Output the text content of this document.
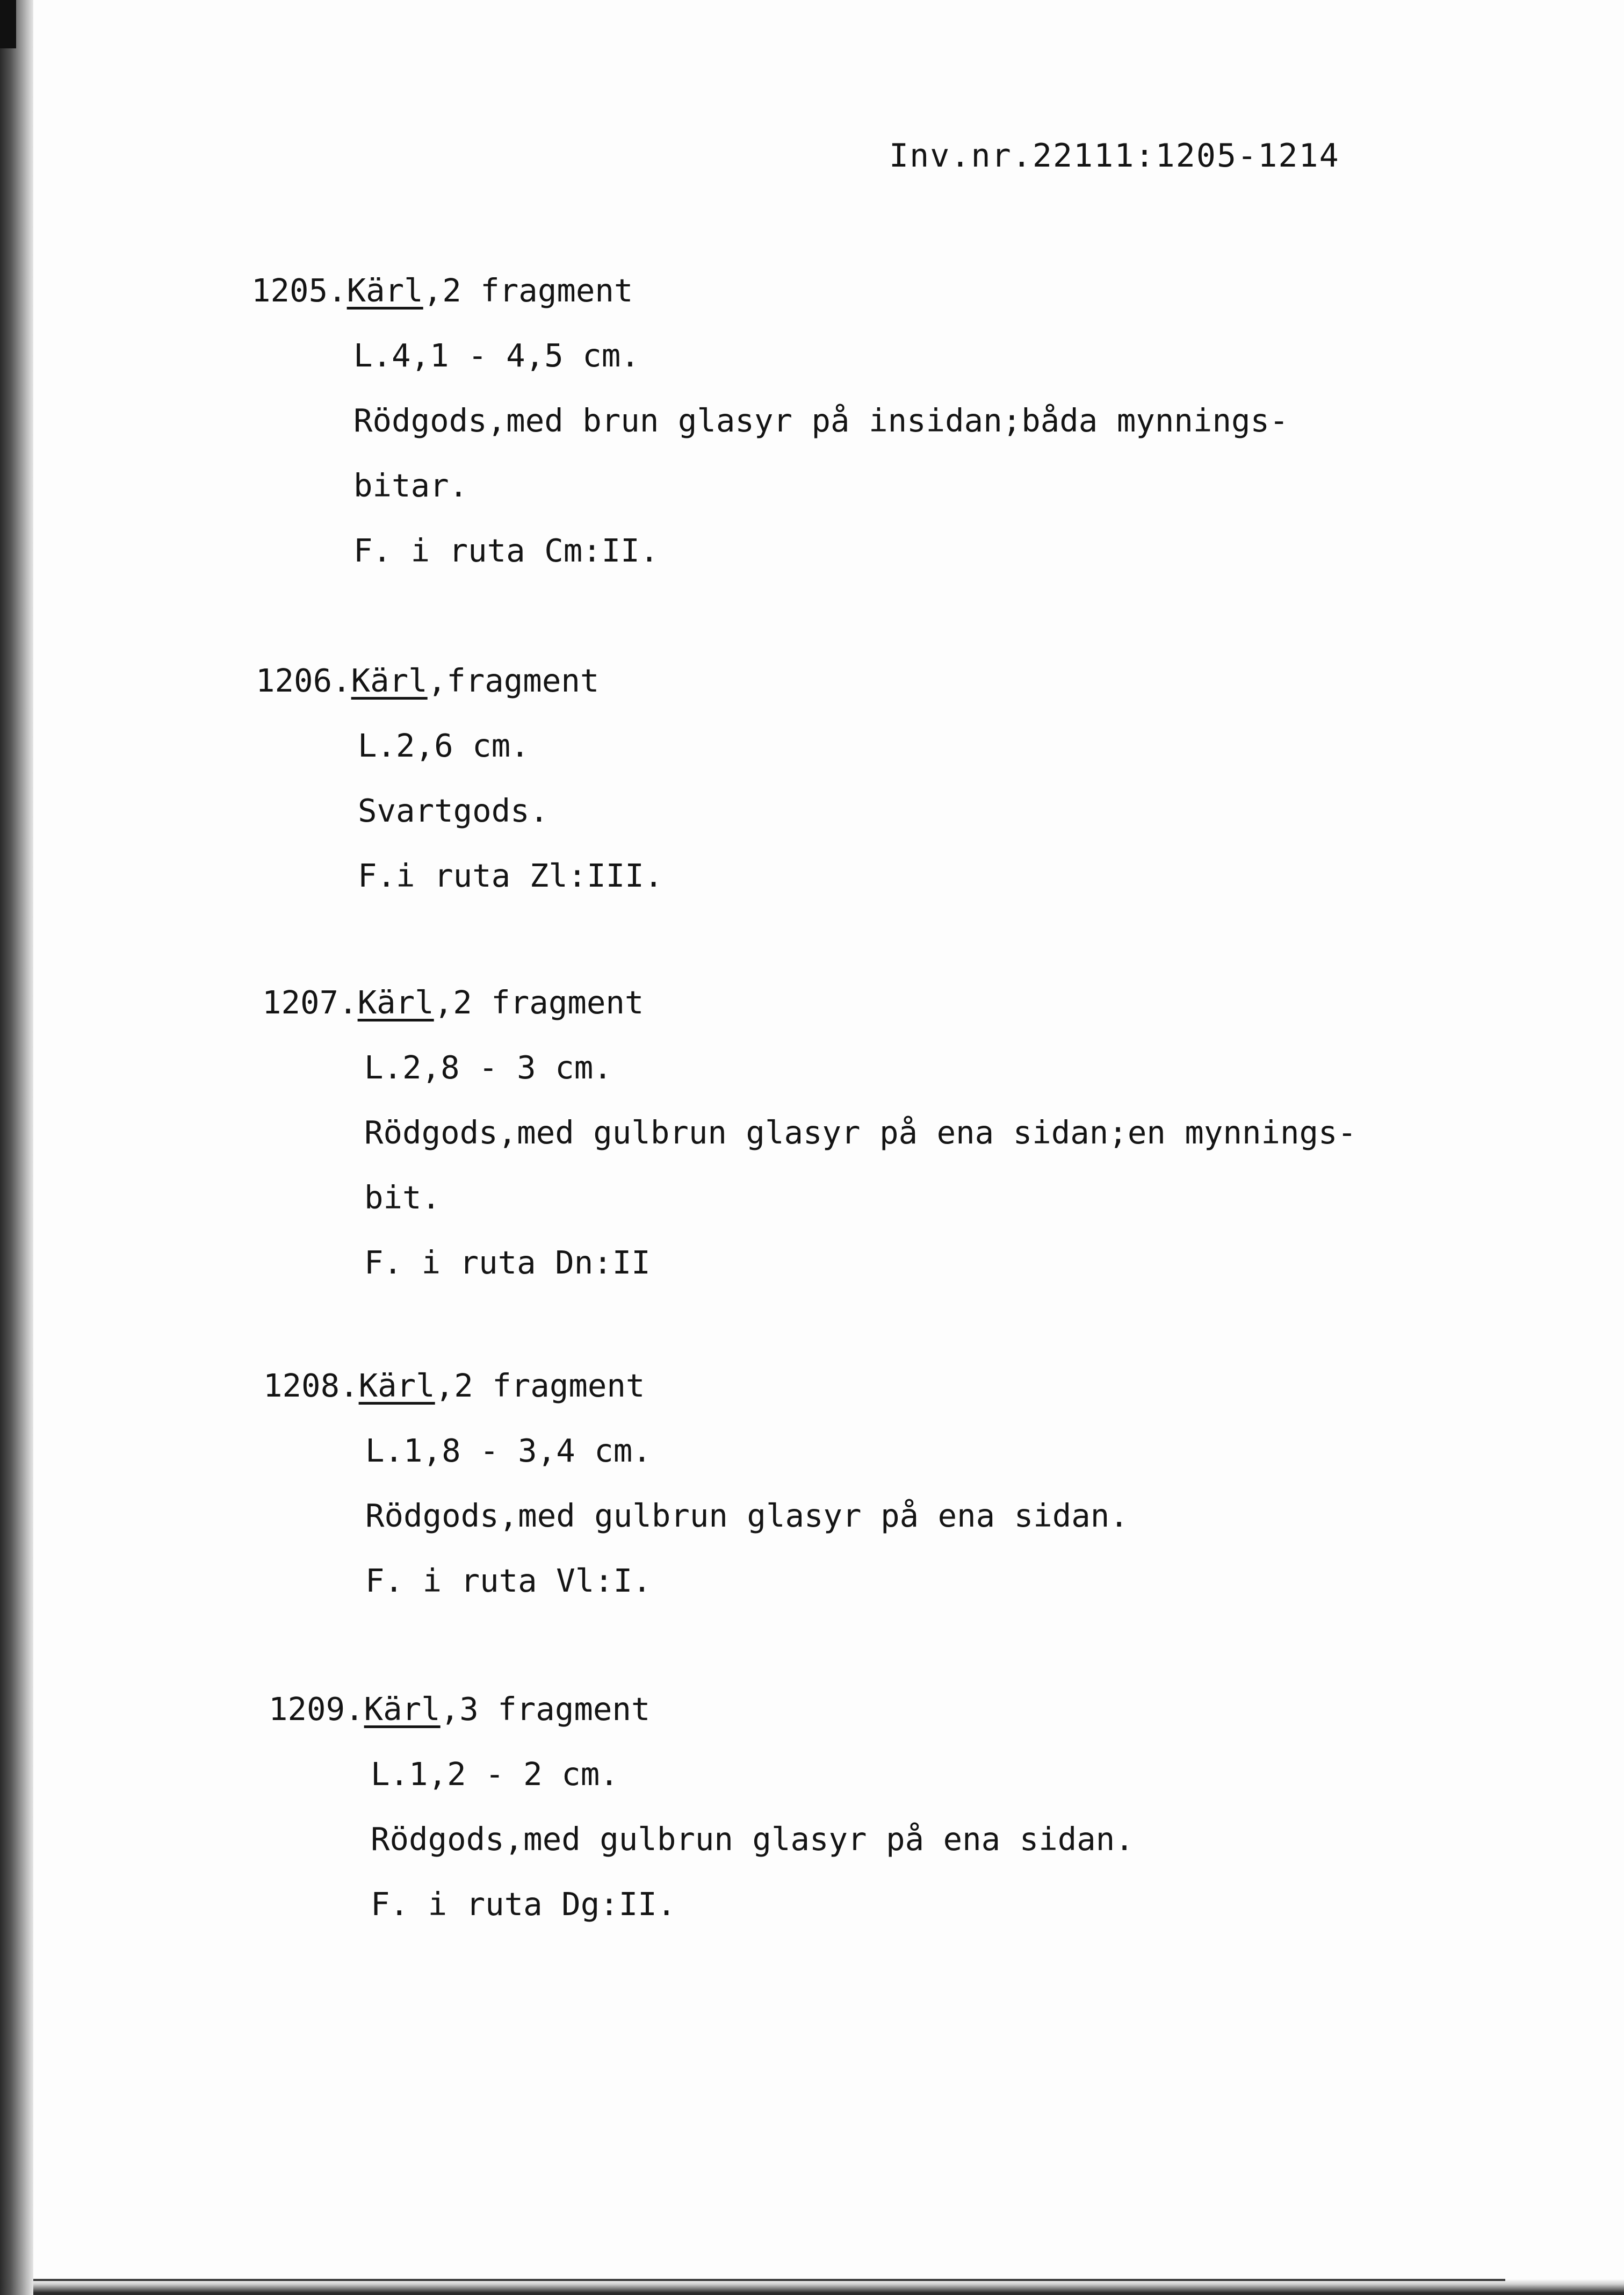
Inv.nr.22111:1205-1214
1205.Kärl,2 fragment
L.4,1 - 4,5 cm.
Rödgods,med brun glasyr på insidan;båda mynnings-
bitar.
F. i ruta Cm:II.
1206.Kärl,fragment
L.2,6 cm.
Svartgods.
F.i ruta Zl:III.
1207.Kärl,2 fragment
L.2,8 - 3 cm.
Rödgods,med gulbrun glasyr på ena sidan;en mynnings-
bit.
F. i ruta Dn:II
1208.Kärl,2 fragment
L.1,8 - 3,4 cm.
Rödgods,med gulbrun glasyr på ena sidan.
F. i ruta Vl:I.
1209.Kärl,3 fragment
L.1,2 - 2 cm.
Rödgods,med gulbrun glasyr på ena sidan.
F. i ruta Dg:II.
